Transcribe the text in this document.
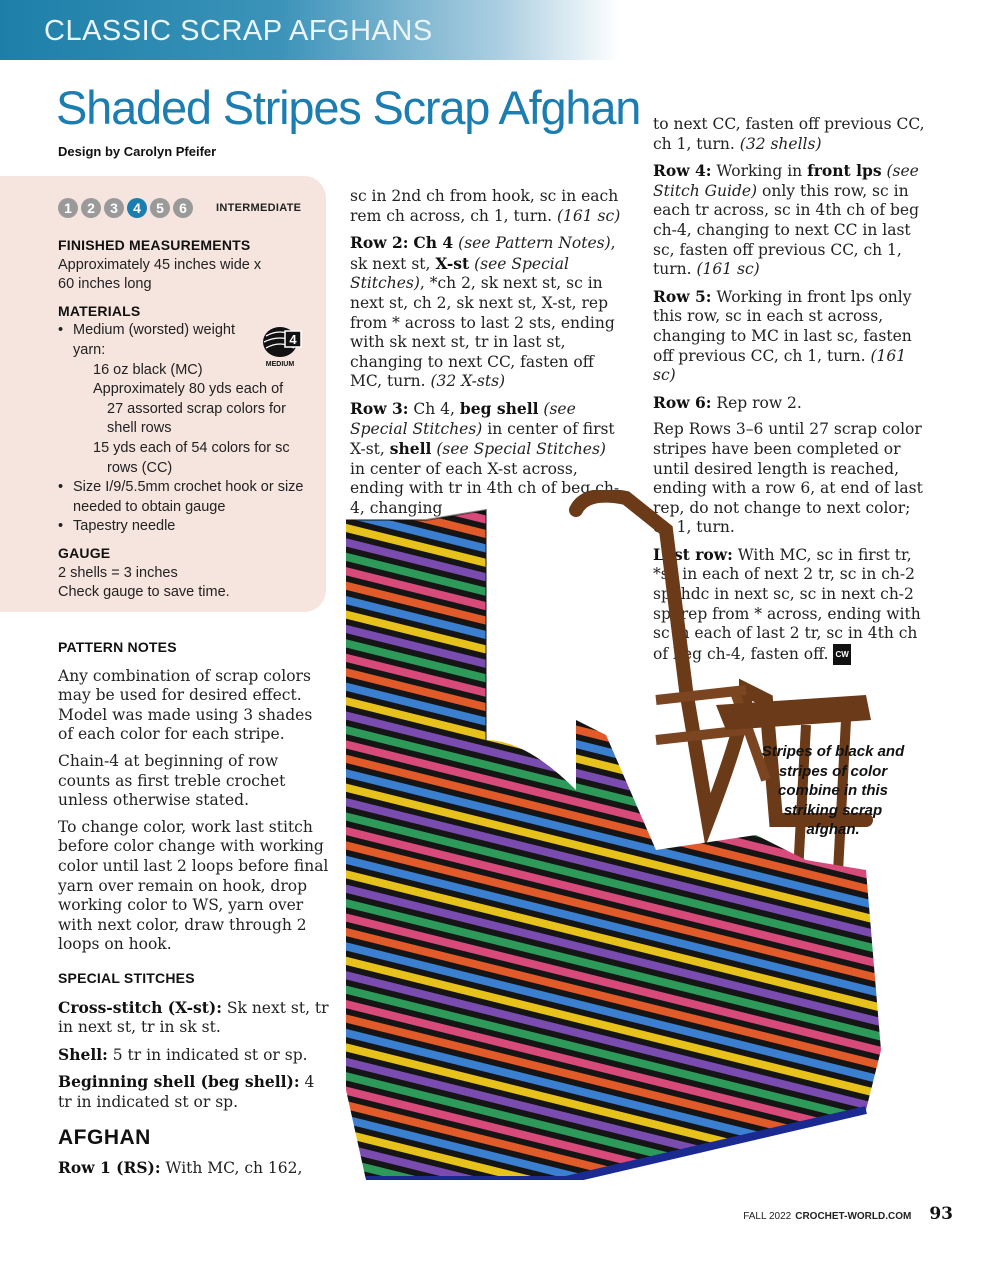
CLASSIC SCRAP AFGHANS
Shaded Stripes Scrap Afghan
Design by Carolyn Pfeifer
1	2	3	4	5	6	INTERMEDIATE
4
MEDIUM
FINISHED MEASUREMENTS

Approximately 45 inches wide x 60 inches long

MATERIALS
• Medium (worsted) weight yarn:
16 oz black (MC)
Approximately 80 yds each of 27 assorted scrap colors for shell rows
15 yds each of 54 colors for sc rows (CC)
• Size I/9/5.5mm crochet hook or size needed to obtain gauge
• Tapestry needle
GAUGE

2 shells = 3 inches

Check gauge to save time.

PATTERN NOTES

Any combination of scrap colors may be used for desired effect. Model was made using 3 shades of each color for each stripe.

Chain-4 at beginning of row counts as first treble crochet unless otherwise stated.

To change color, work last stitch before color change with working color until last 2 loops before final yarn over remain on hook, drop working color to WS, yarn over with next color, draw through 2 loops on hook.

SPECIAL STITCHES

Cross-stitch (X-st): Sk next st, tr in next st, tr in sk st.

Shell: 5 tr in indicated st or sp.

Beginning shell (beg shell): 4 tr in indicated st or sp.

AFGHAN

Row 1 (RS): With MC, ch 162,

sc in 2nd ch from hook, sc in each rem ch across, ch 1, turn. (161 sc)

Row 2: Ch 4 (see Pattern Notes), sk next st, X-st (see Special Stitches), *ch 2, sk next st, sc in next st, ch 2, sk next st, X-st, rep from * across to last 2 sts, ending with sk next st, tr in last st, changing to next CC, fasten off MC, turn. (32 X-sts)

Row 3: Ch 4, beg shell (see Special Stitches) in center of first X-st, shell (see Special Stitches) in center of each X-st across, ending with tr in 4th ch of beg ch-4, changing

to next CC, fasten off previous CC, ch 1, turn. (32 shells)

Row 4: Working in front lps (see Stitch Guide) only this row, sc in each tr across, sc in 4th ch of beg ch-4, changing to next CC in last sc, fasten off previous CC, ch 1, turn. (161 sc)

Row 5: Working in front lps only this row, sc in each st across, changing to MC in last sc, fasten off previous CC, ch 1, turn. (161 sc)

Row 6: Rep row 2.

Rep Rows 3–6 until 27 scrap color stripes have been completed or until desired length is reached, ending with a row 6, at end of last rep, do not change to next color; ch 1, turn.

Last row: With MC, sc in first tr, *sc in each of next 2 tr, sc in ch-2 sp, hdc in next sc, sc in next ch-2 sp, rep from * across, ending with sc in each of last 2 tr, sc in 4th ch of beg ch-4, fasten off. CW

Stripes of black and stripes of color combine in this striking scrap afghan.
FALL 2022 CROCHET-WORLD.COM 93
